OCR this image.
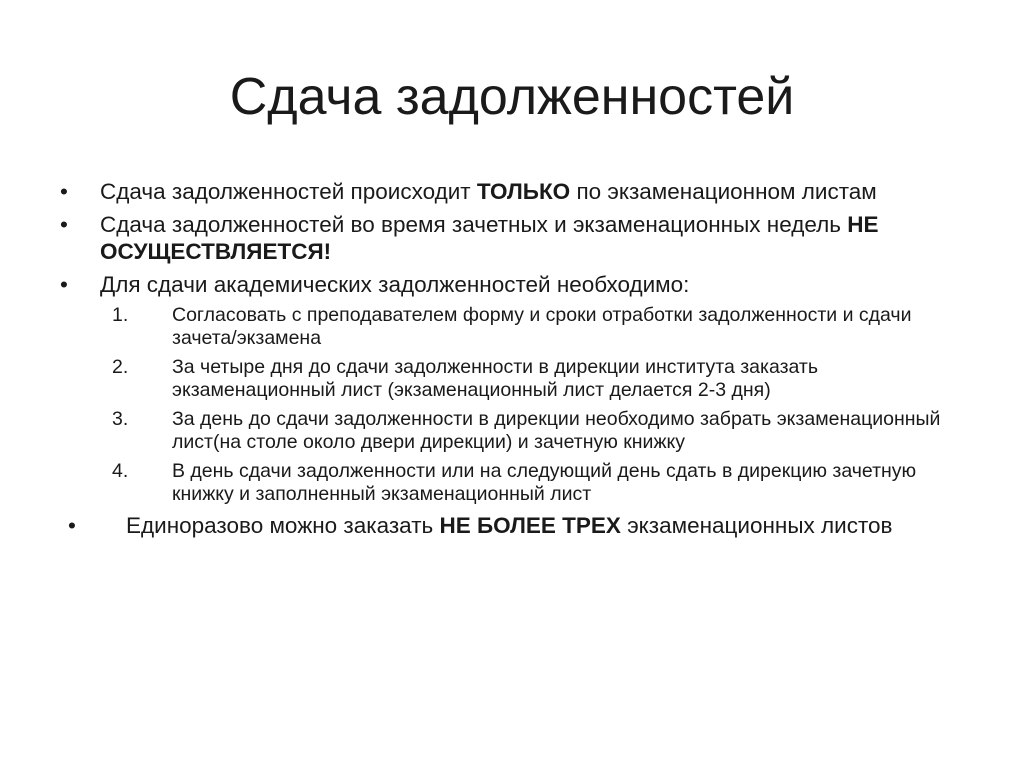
Сдача задолженностей
• Сдача задолженностей происходит ТОЛЬКО по экзаменационном листам
• Сдача задолженностей во время зачетных и экзаменационных недель НЕ ОСУЩЕСТВЛЯЕТСЯ!
• Для сдачи академических задолженностей необходимо:
1. Согласовать с преподавателем форму и сроки отработки задолженности и сдачи зачета/экзамена
2. За четыре дня до сдачи задолженности в дирекции института заказать экзаменационный лист (экзаменационный лист делается 2-3 дня)
3. За день до сдачи задолженности в дирекции необходимо забрать экзаменационный лист(на столе около двери дирекции) и зачетную книжку
4. В день сдачи задолженности или на следующий день сдать в дирекцию зачетную книжку и заполненный экзаменационный лист
• Единоразово можно заказать НЕ БОЛЕЕ ТРЕХ экзаменационных листов
